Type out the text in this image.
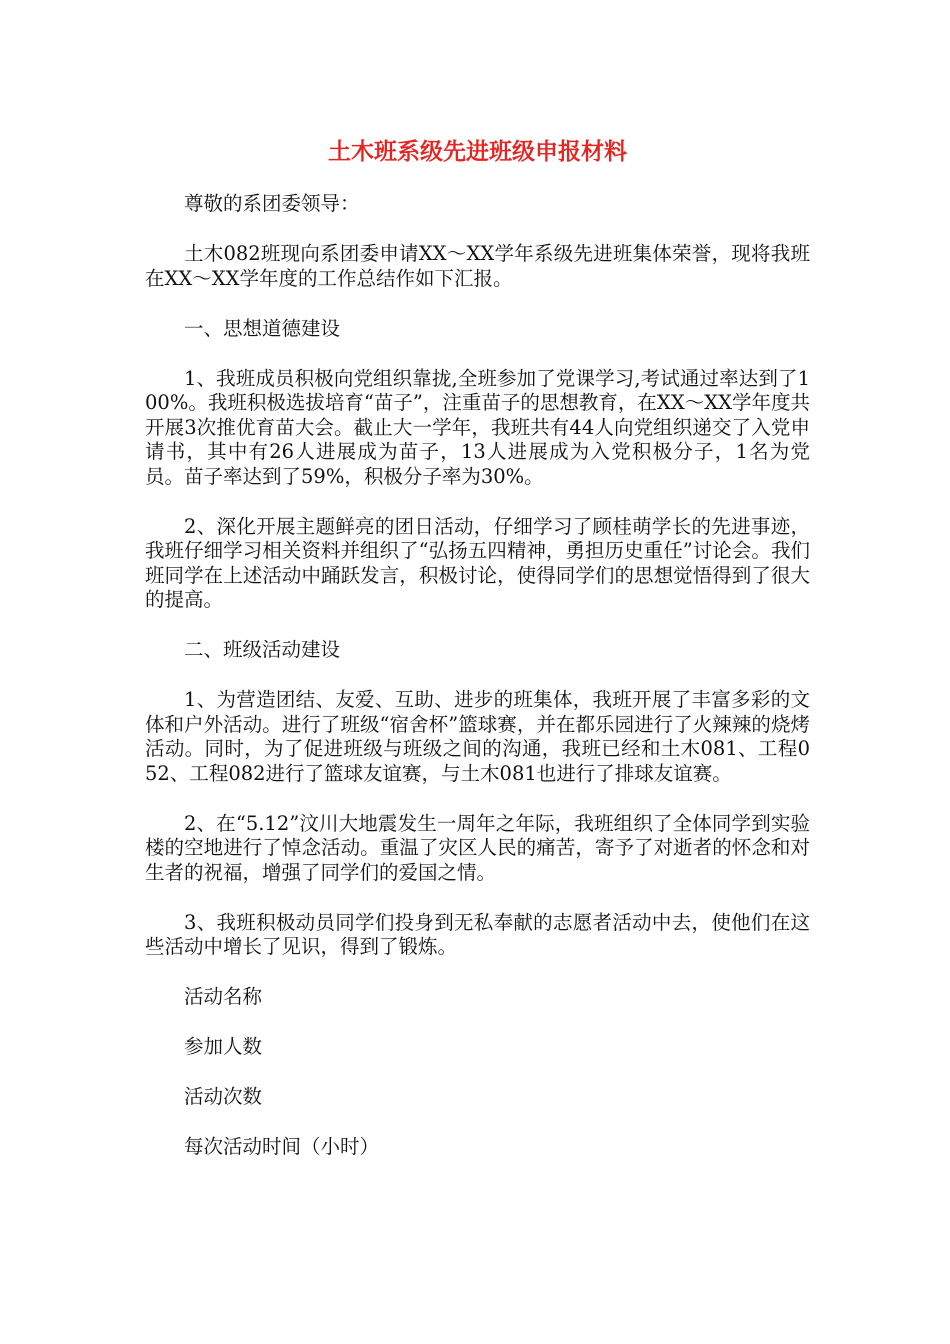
土木班系级先进班级申报材料

尊敬的系团委领导：

土木082班现向系团委申请XX～XX学年系级先进班集体荣誉，现将我班在XX～XX学年度的工作总结作如下汇报。

一、思想道德建设

1、我班成员积极向党组织靠拢,全班参加了党课学习,考试通过率达到了100%。我班积极选拔培育“苗子”，注重苗子的思想教育，在XX～XX学年度共开展3次推优育苗大会。截止大一学年，我班共有44人向党组织递交了入党申请书，其中有26人进展成为苗子，13人进展成为入党积极分子，1名为党员。苗子率达到了59%，积极分子率为30%。

2、深化开展主题鲜亮的团日活动，仔细学习了顾桂萌学长的先进事迹，我班仔细学习相关资料并组织了“弘扬五四精神，勇担历史重任”讨论会。我们班同学在上述活动中踊跃发言，积极讨论，使得同学们的思想觉悟得到了很大的提高。

二、班级活动建设

1、为营造团结、友爱、互助、进步的班集体，我班开展了丰富多彩的文体和户外活动。进行了班级“宿舍杯”篮球赛，并在都乐园进行了火辣辣的烧烤活动。同时，为了促进班级与班级之间的沟通，我班已经和土木081、工程052、工程082进行了篮球友谊赛，与土木081也进行了排球友谊赛。

2、在“5.12”汶川大地震发生一周年之年际，我班组织了全体同学到实验楼的空地进行了悼念活动。重温了灾区人民的痛苦，寄予了对逝者的怀念和对生者的祝福，增强了同学们的爱国之情。

3、我班积极动员同学们投身到无私奉献的志愿者活动中去，使他们在这些活动中增长了见识，得到了锻炼。

活动名称

参加人数

活动次数

每次活动时间（小时）
